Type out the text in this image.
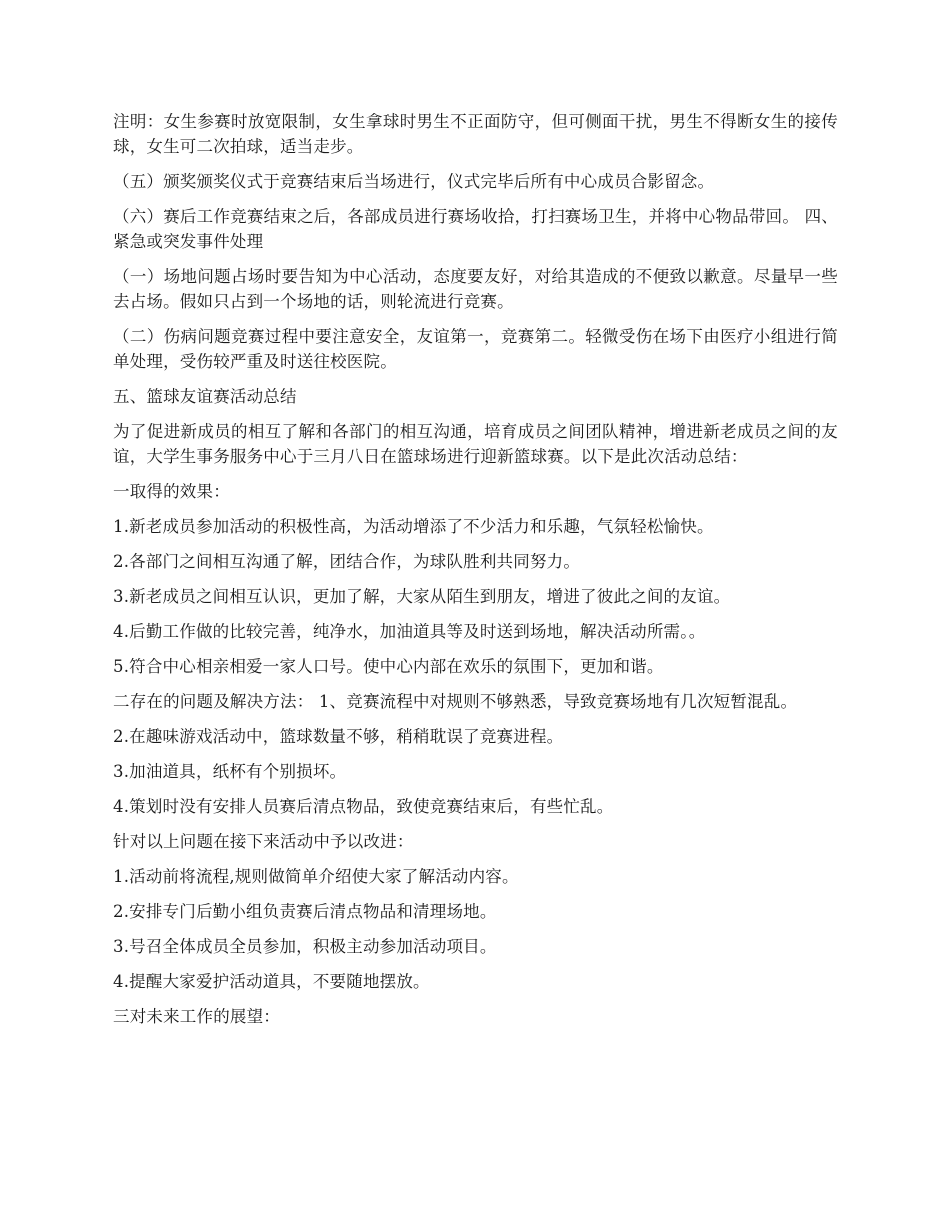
注明：女生参赛时放宽限制，女生拿球时男生不正面防守，但可侧面干扰，男生不得断女生的接传球，女生可二次拍球，适当走步。

（五）颁奖颁奖仪式于竞赛结束后当场进行，仪式完毕后所有中心成员合影留念。

（六）赛后工作竞赛结束之后，各部成员进行赛场收拾，打扫赛场卫生，并将中心物品带回。 四、紧急或突发事件处理

（一）场地问题占场时要告知为中心活动，态度要友好，对给其造成的不便致以歉意。尽量早一些去占场。假如只占到一个场地的话，则轮流进行竞赛。

（二）伤病问题竞赛过程中要注意安全，友谊第一，竞赛第二。轻微受伤在场下由医疗小组进行简单处理，受伤较严重及时送往校医院。

五、篮球友谊赛活动总结

为了促进新成员的相互了解和各部门的相互沟通，培育成员之间团队精神，增进新老成员之间的友谊，大学生事务服务中心于三月八日在篮球场进行迎新篮球赛。以下是此次活动总结：

一取得的效果：

1.新老成员参加活动的积极性高，为活动增添了不少活力和乐趣，气氛轻松愉快。

2.各部门之间相互沟通了解，团结合作，为球队胜利共同努力。

3.新老成员之间相互认识，更加了解，大家从陌生到朋友，增进了彼此之间的友谊。

4.后勤工作做的比较完善，纯净水，加油道具等及时送到场地，解决活动所需。。

5.符合中心相亲相爱一家人口号。使中心内部在欢乐的氛围下，更加和谐。

二存在的问题及解决方法： 1、竞赛流程中对规则不够熟悉，导致竞赛场地有几次短暂混乱。

2.在趣味游戏活动中，篮球数量不够，稍稍耽误了竞赛进程。

3.加油道具，纸杯有个别损坏。

4.策划时没有安排人员赛后清点物品，致使竞赛结束后，有些忙乱。

针对以上问题在接下来活动中予以改进：

1.活动前将流程,规则做简单介绍使大家了解活动内容。

2.安排专门后勤小组负责赛后清点物品和清理场地。

3.号召全体成员全员参加，积极主动参加活动项目。

4.提醒大家爱护活动道具，不要随地摆放。

三对未来工作的展望：
